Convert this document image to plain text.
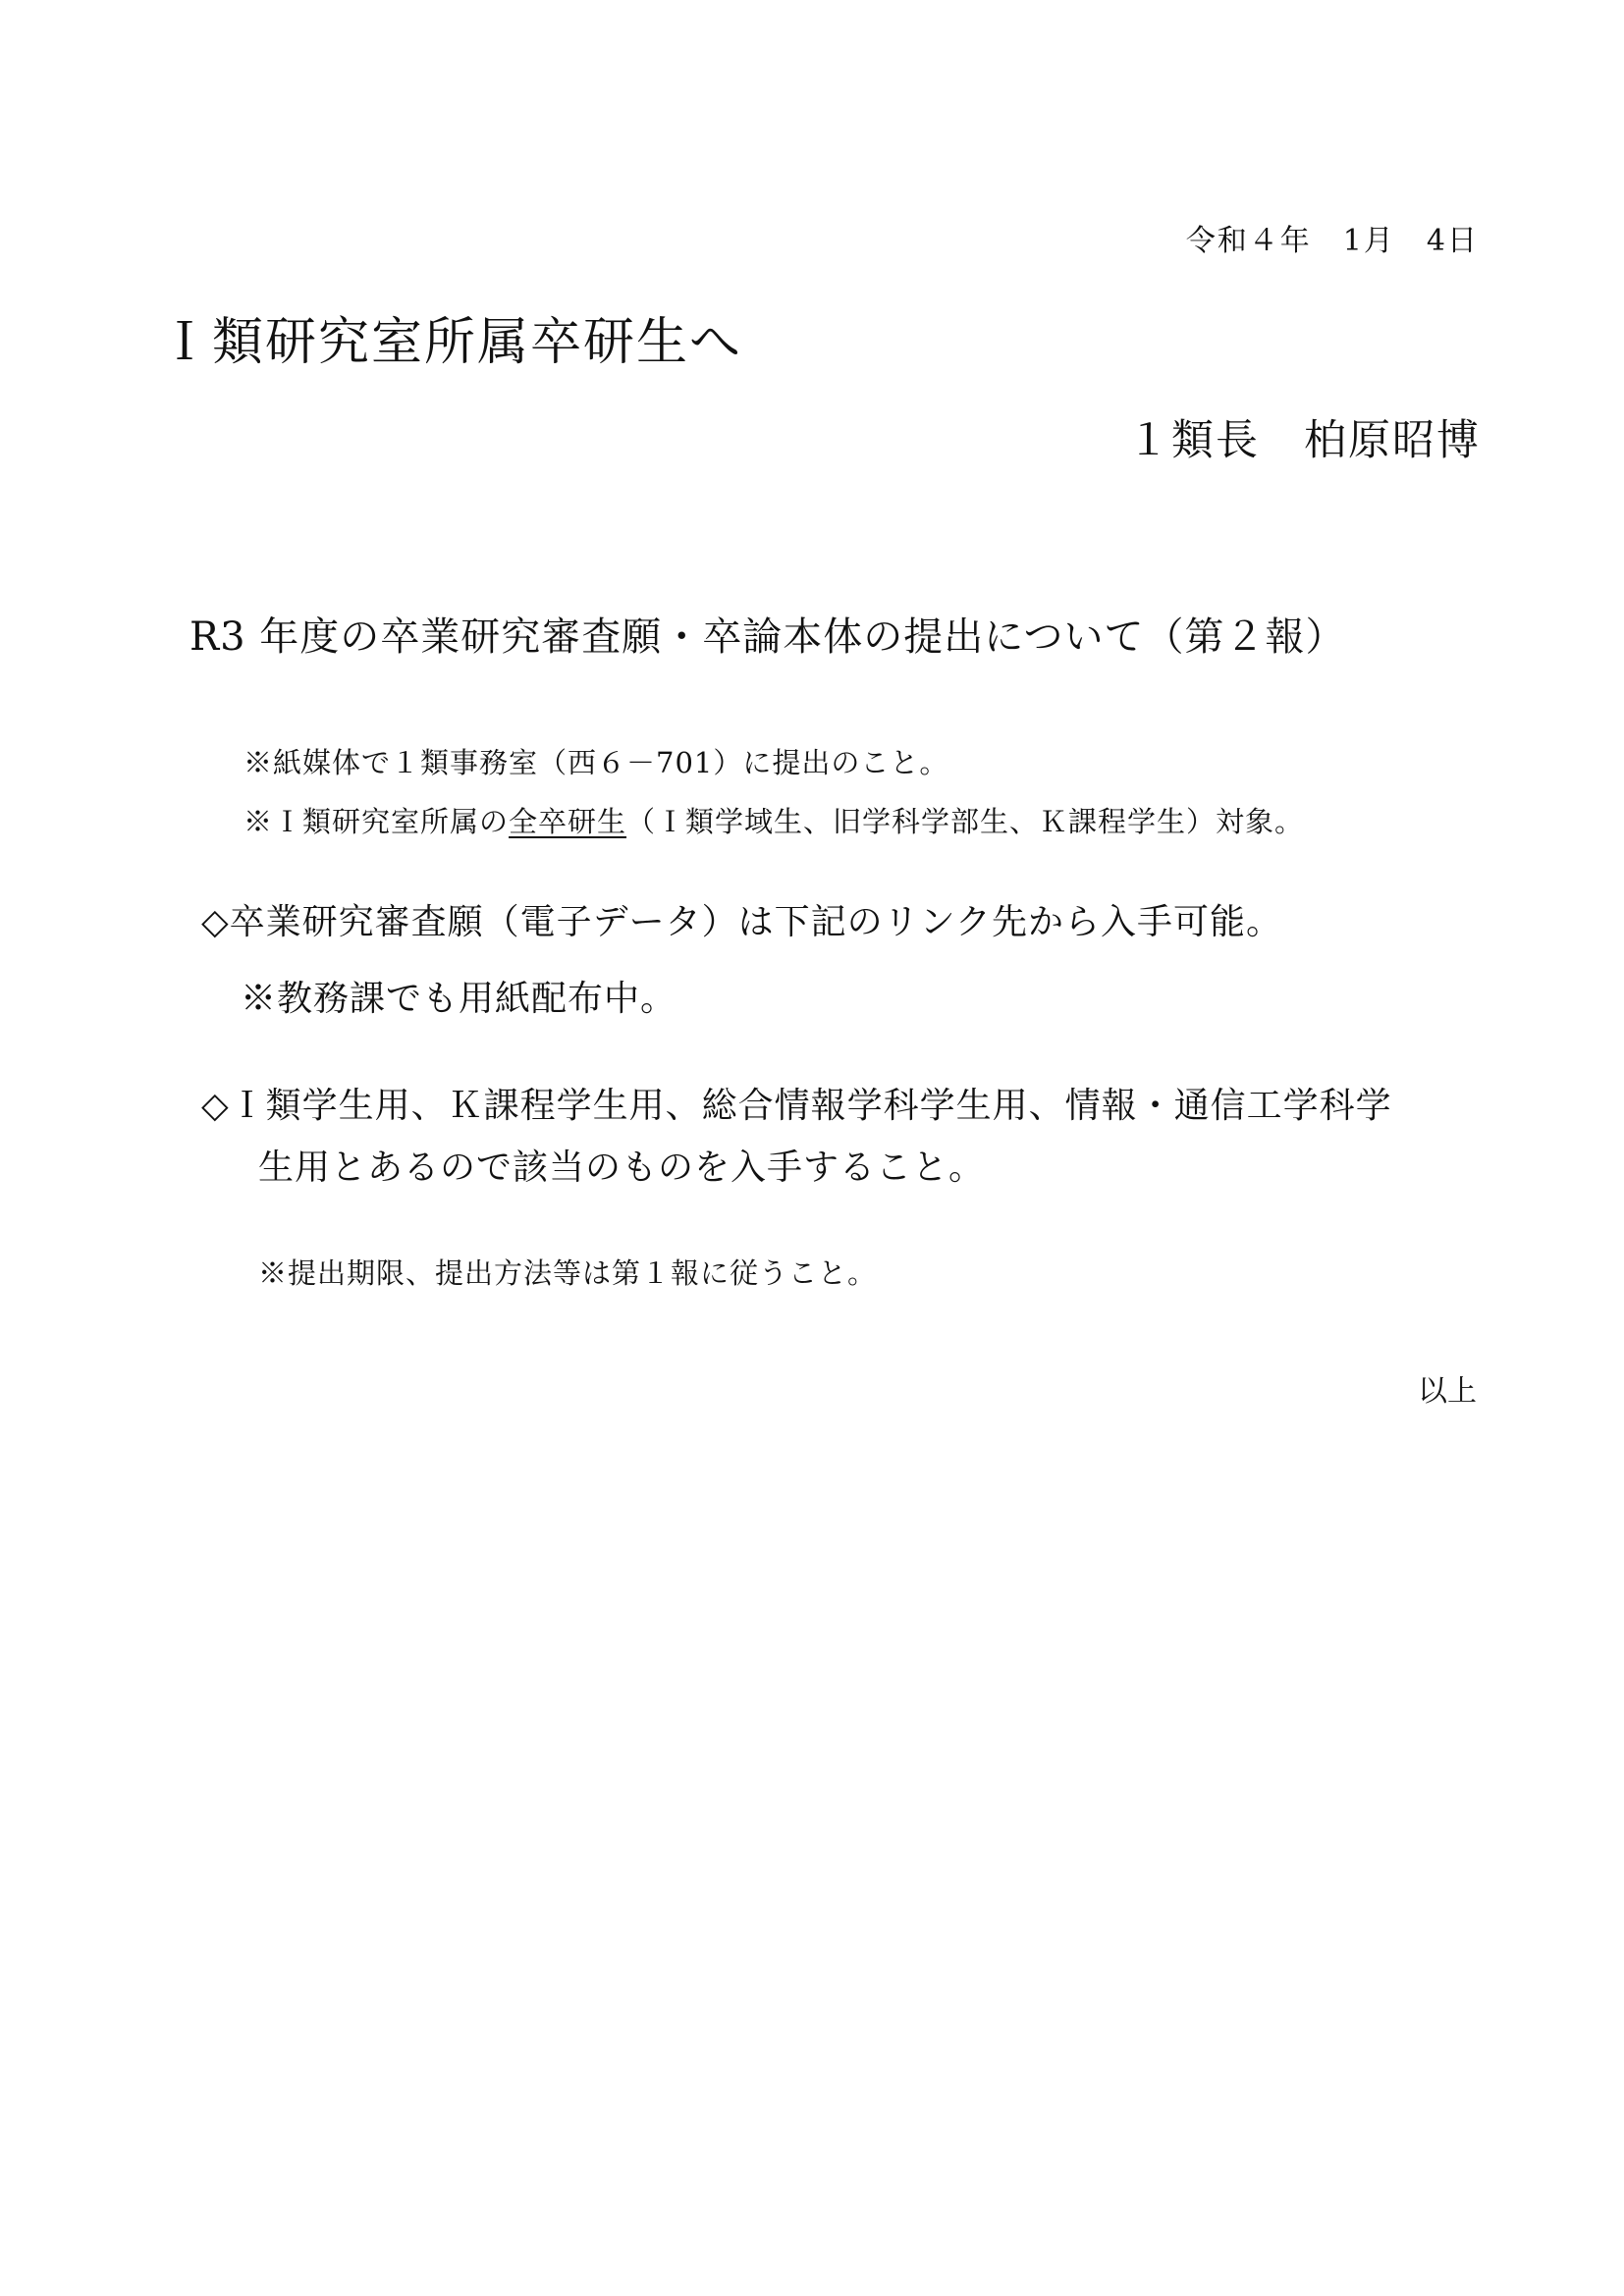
令和４年　1月　4日
Ｉ類研究室所属卒研生へ
１類長　柏原昭博
R3 年度の卒業研究審査願・卒論本体の提出について（第２報）
※紙媒体で１類事務室（西６－701）に提出のこと。
※Ｉ類研究室所属の全卒研生（Ｉ類学域生、旧学科学部生、Ｋ課程学生）対象。
◇卒業研究審査願（電子データ）は下記のリンク先から入手可能。
※教務課でも用紙配布中。
◇Ｉ類学生用、Ｋ課程学生用、総合情報学科学生用、情報・通信工学科学
生用とあるので該当のものを入手すること。
※提出期限、提出方法等は第１報に従うこと。
以上
